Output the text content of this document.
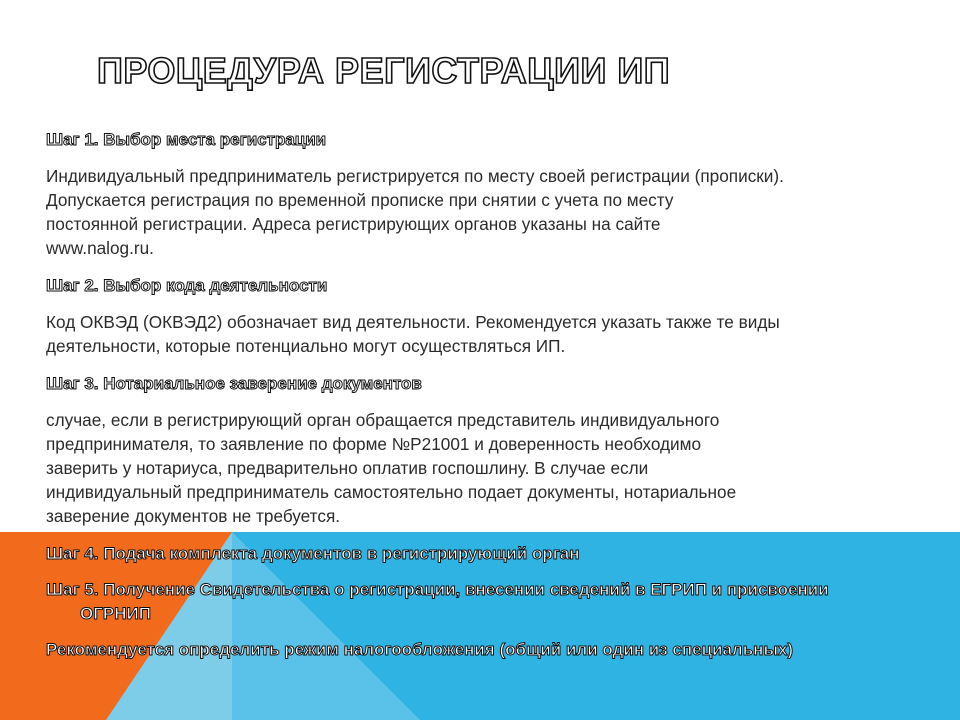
ПРОЦЕДУРА РЕГИСТРАЦИИ ИП
Шаг 1. Выбор места регистрации
Индивидуальный предприниматель регистрируется по месту своей регистрации (прописки).
Допускается регистрация по временной прописке при снятии с учета по месту
постоянной регистрации. Адреса регистрирующих органов указаны на сайте
www.nalog.ru.
Шаг 2. Выбор кода деятельности
Код ОКВЭД (ОКВЭД2) обозначает вид деятельности. Рекомендуется указать также те виды
деятельности, которые потенциально могут осуществляться ИП.
Шаг 3. Нотариальное заверение документов
случае, если в регистрирующий орган обращается представитель индивидуального
предпринимателя, то заявление по форме №Р21001 и доверенность необходимо
заверить у нотариуса, предварительно оплатив госпошлину. В случае если
индивидуальный предприниматель самостоятельно подает документы, нотариальное
заверение документов не требуется.
Шаг 4. Подача комплекта документов в регистрирующий орган
Шаг 5. Получение Свидетельства о регистрации, внесении сведений в ЕГРИП и присвоении
ОГРНИП
Рекомендуется определить режим налогообложения (общий или один из специальных)
